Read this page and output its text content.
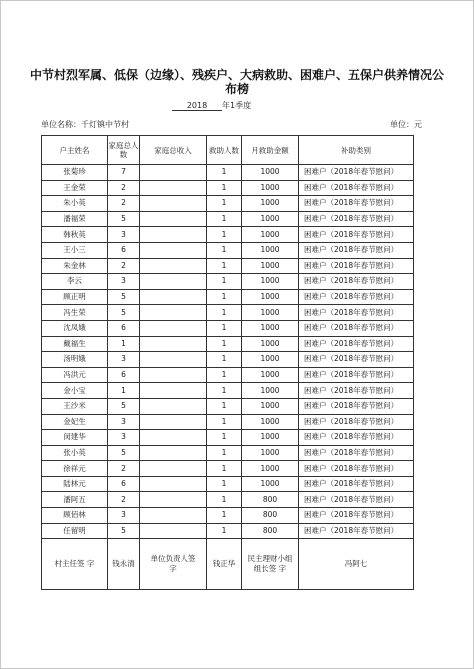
中节村烈军属、低保（边缘）、残疾户、大病救助、困难户、五保户供养情况公布榜
2018 年1季度
单位名称：千灯镇中节村	单位：元
户主姓名	家庭总人数	家庭总收入	救助人数	月救助金额	补助类别
张菊珍	7		1	1000	困难户（2018年春节慰问）
王金荣	2		1	1000	困难户（2018年春节慰问）
朱小英	2		1	1000	困难户（2018年春节慰问）
潘福荣	5		1	1000	困难户（2018年春节慰问）
韩秋英	3		1	1000	困难户（2018年春节慰问）
王小三	6		1	1000	困难户（2018年春节慰问）
朱金林	2		1	1000	困难户（2018年春节慰问）
李云	3		1	1000	困难户（2018年春节慰问）
顾正明	5		1	1000	困难户（2018年春节慰问）
冯生荣	5		1	1000	困难户（2018年春节慰问）
沈凤娥	6		1	1000	困难户（2018年春节慰问）
戴福生	1		1	1000	困难户（2018年春节慰问）
汤明娥	3		1	1000	困难户（2018年春节慰问）
冯洪元	6		1	1000	困难户（2018年春节慰问）
金小宝	1		1	1000	困难户（2018年春节慰问）
王沙米	5		1	1000	困难户（2018年春节慰问）
金妃生	3		1	1000	困难户（2018年春节慰问）
闵建华	3		1	1000	困难户（2018年春节慰问）
张小英	5		1	1000	困难户（2018年春节慰问）
徐祥元	2		1	1000	困难户（2018年春节慰问）
陆林元	6		1	1000	困难户（2018年春节慰问）
潘阿五	2		1	800	困难户（2018年春节慰问）
顾佰林	3		1	800	困难户（2018年春节慰问）
任留明	5		1	800	困难户（2018年春节慰问）
村主任签 字	钱永清	单位负责人签 字	钱正华	民主理财小组组长签 字	冯阿七
